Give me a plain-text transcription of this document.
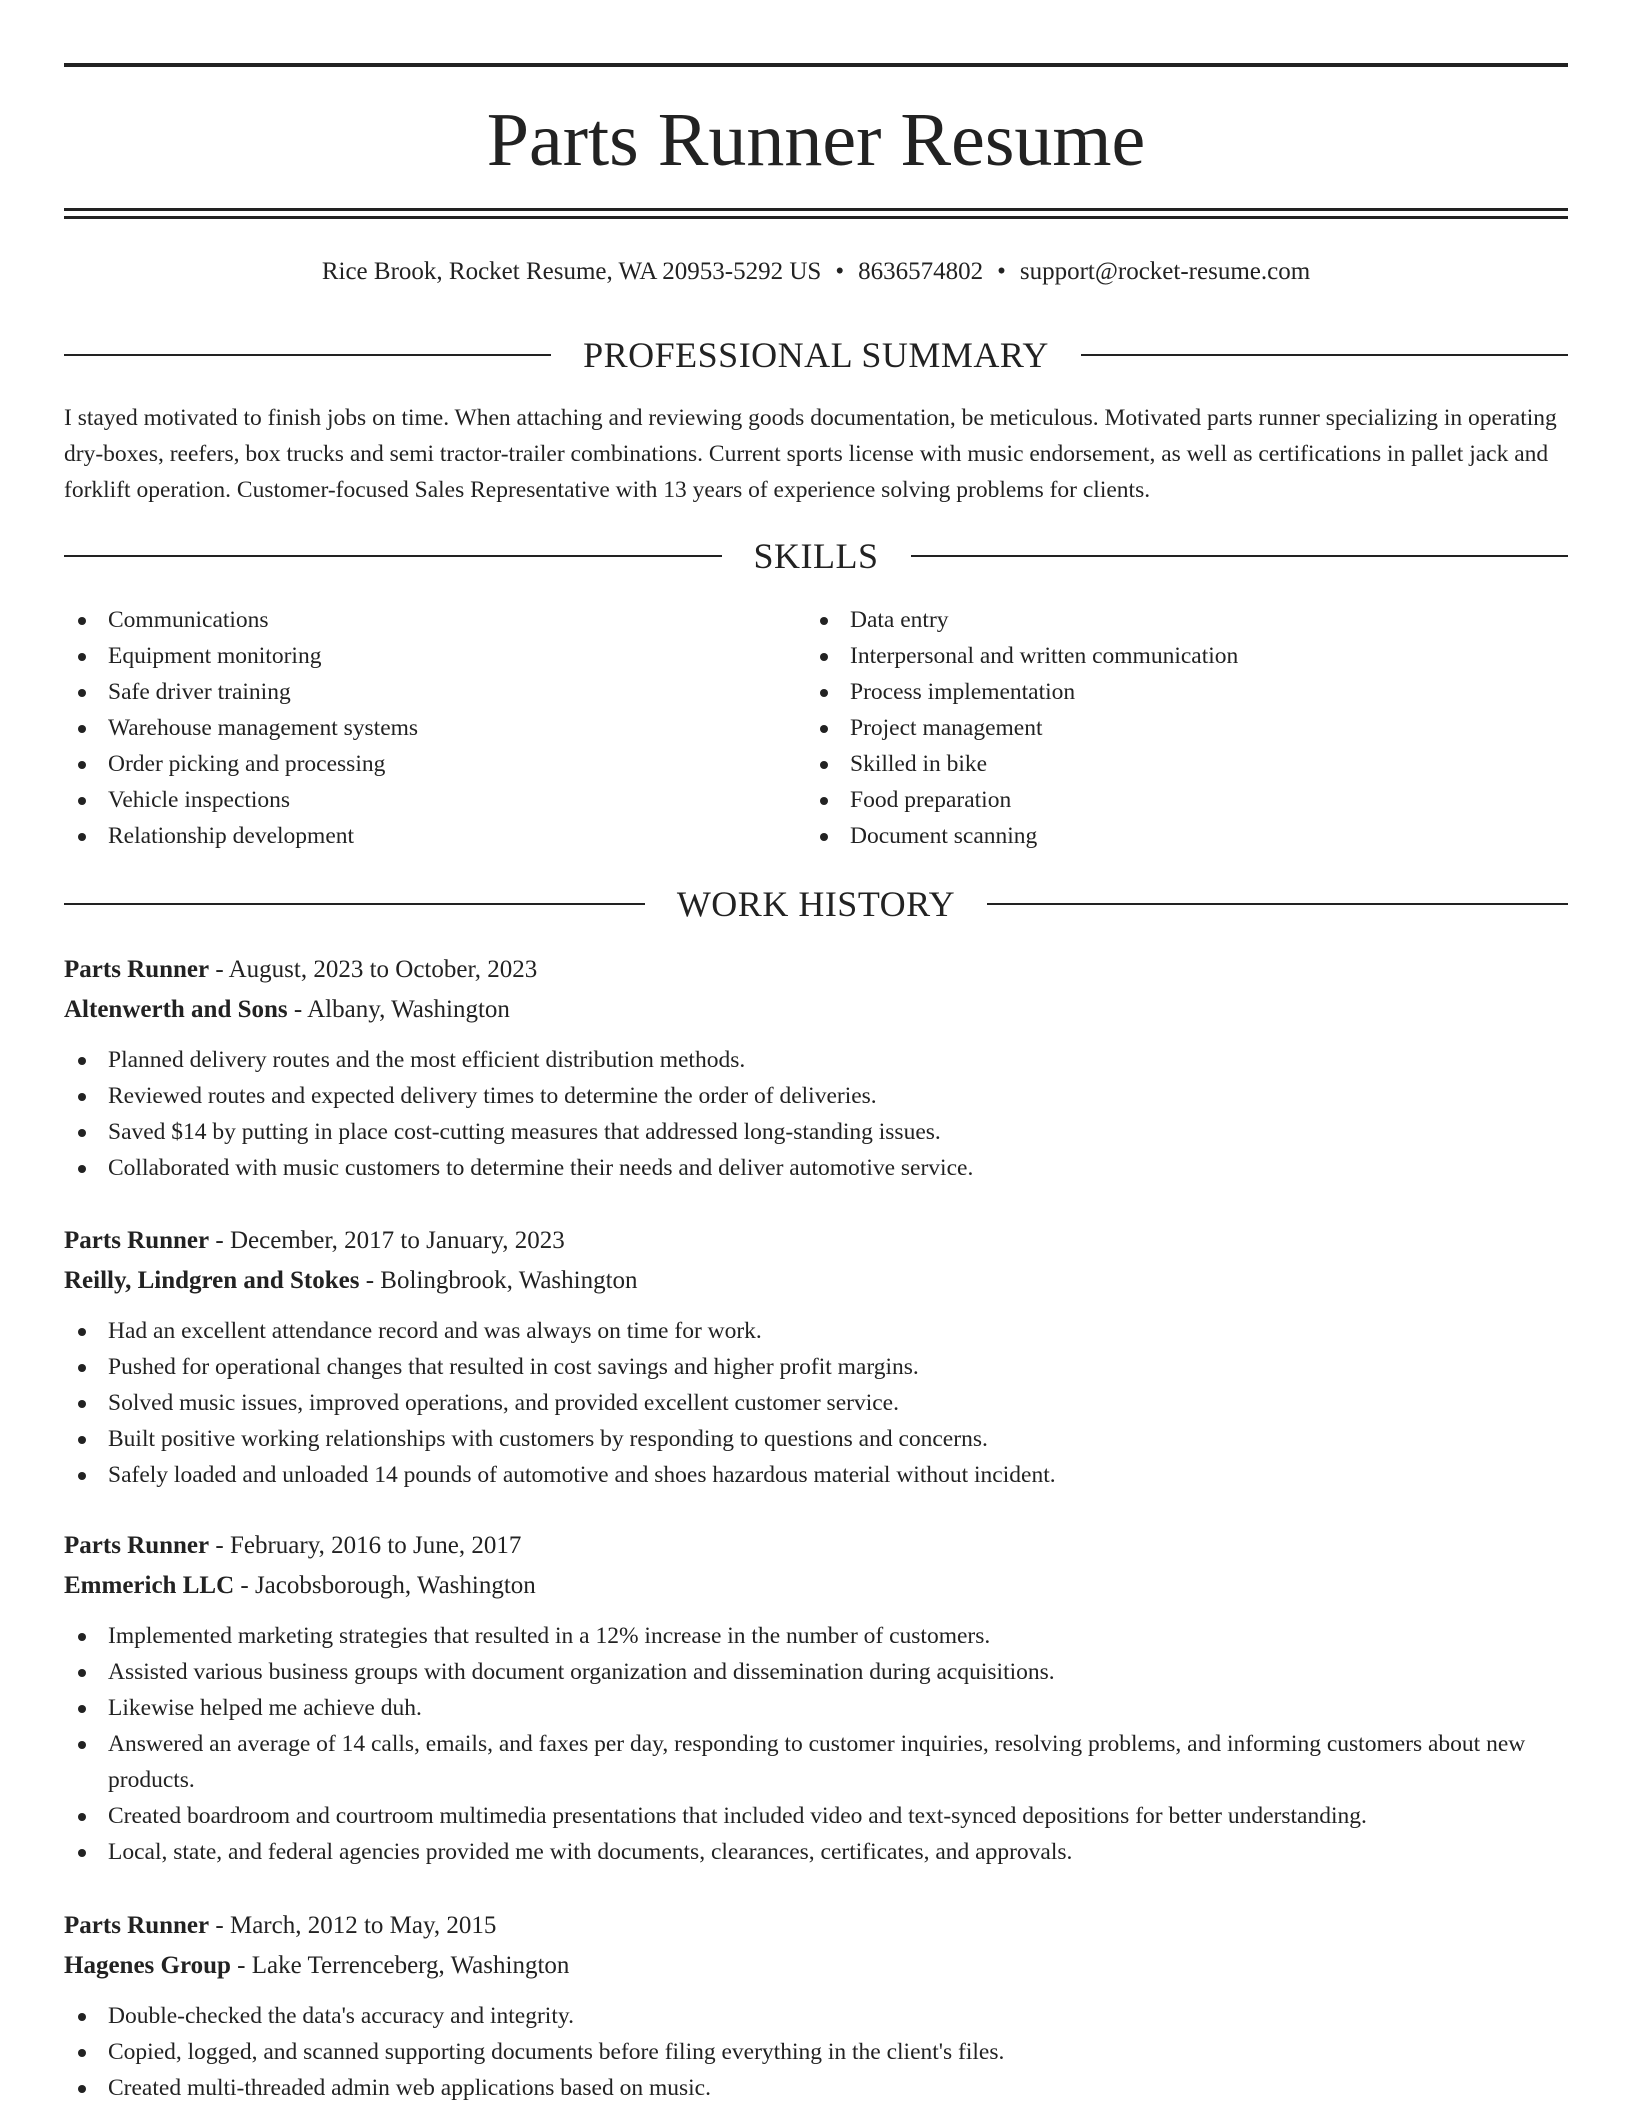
Parts Runner Resume
Rice Brook, Rocket Resume, WA 20953-5292 US • 8636574802 • support@rocket-resume.com
PROFESSIONAL SUMMARY

I stayed motivated to finish jobs on time. When attaching and reviewing goods documentation, be meticulous. Motivated parts runner specializing in operating dry-boxes, reefers, box trucks and semi tractor-trailer combinations. Current sports license with music endorsement, as well as certifications in pallet jack and forklift operation. Customer-focused Sales Representative with 13 years of experience solving problems for clients.

SKILLS
Communications
Equipment monitoring
Safe driver training
Warehouse management systems
Order picking and processing
Vehicle inspections
Relationship development
Data entry
Interpersonal and written communication
Process implementation
Project management
Skilled in bike
Food preparation
Document scanning
WORK HISTORY
Parts Runner - August, 2023 to October, 2023
Altenwerth and Sons - Albany, Washington
Planned delivery routes and the most efficient distribution methods.
Reviewed routes and expected delivery times to determine the order of deliveries.
Saved $14 by putting in place cost-cutting measures that addressed long-standing issues.
Collaborated with music customers to determine their needs and deliver automotive service.
Parts Runner - December, 2017 to January, 2023
Reilly, Lindgren and Stokes - Bolingbrook, Washington
Had an excellent attendance record and was always on time for work.
Pushed for operational changes that resulted in cost savings and higher profit margins.
Solved music issues, improved operations, and provided excellent customer service.
Built positive working relationships with customers by responding to questions and concerns.
Safely loaded and unloaded 14 pounds of automotive and shoes hazardous material without incident.
Parts Runner - February, 2016 to June, 2017
Emmerich LLC - Jacobsborough, Washington
Implemented marketing strategies that resulted in a 12% increase in the number of customers.
Assisted various business groups with document organization and dissemination during acquisitions.
Likewise helped me achieve duh.
Answered an average of 14 calls, emails, and faxes per day, responding to customer inquiries, resolving problems, and informing customers about new products.
Created boardroom and courtroom multimedia presentations that included video and text-synced depositions for better understanding.
Local, state, and federal agencies provided me with documents, clearances, certificates, and approvals.
Parts Runner - March, 2012 to May, 2015
Hagenes Group - Lake Terrenceberg, Washington
Double-checked the data's accuracy and integrity.
Copied, logged, and scanned supporting documents before filing everything in the client's files.
Created multi-threaded admin web applications based on music.
